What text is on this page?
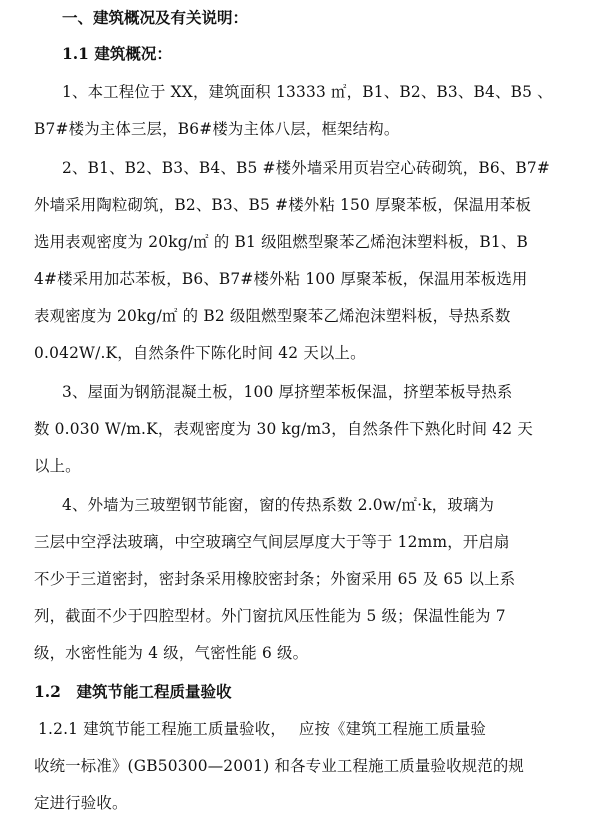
一、建筑概况及有关说明：
1.1 建筑概况：
1、本工程位于 XX，建筑面积 13333 ㎡，B1、B2、B3、B4、B5 、
B7#楼为主体三层，B6#楼为主体八层，框架结构。
2、B1、B2、B3、B4、B5 #楼外墙采用页岩空心砖砌筑，B6、B7#
外墙采用陶粒砌筑，B2、B3、B5 #楼外粘 150 厚聚苯板，保温用苯板
选用表观密度为 20kg/㎡ 的 B1 级阻燃型聚苯乙烯泡沫塑料板，B1、B
4#楼采用加芯苯板，B6、B7#楼外粘 100 厚聚苯板，保温用苯板选用
表观密度为 20kg/㎡ 的 B2 级阻燃型聚苯乙烯泡沫塑料板，导热系数
0.042W/.K，自然条件下陈化时间 42 天以上。
3、屋面为钢筋混凝土板，100 厚挤塑苯板保温，挤塑苯板导热系
数 0.030 W/m.K，表观密度为 30 kg/m3，自然条件下熟化时间 42 天
以上。
4、外墙为三玻塑钢节能窗，窗的传热系数 2.0w/㎡·k，玻璃为
三层中空浮法玻璃，中空玻璃空气间层厚度大于等于 12mm，开启扇
不少于三道密封，密封条采用橡胶密封条；外窗采用 65 及 65 以上系
列，截面不少于四腔型材。外门窗抗风压性能为 5 级；保温性能为 7
级，水密性能为 4 级，气密性能 6 级。
1.2　建筑节能工程质量验收
1.2.1 建筑节能工程施工质量验收，　 应按《建筑工程施工质量验
收统一标准》(GB50300—2001) 和各专业工程施工质量验收规范的规
定进行验收。
